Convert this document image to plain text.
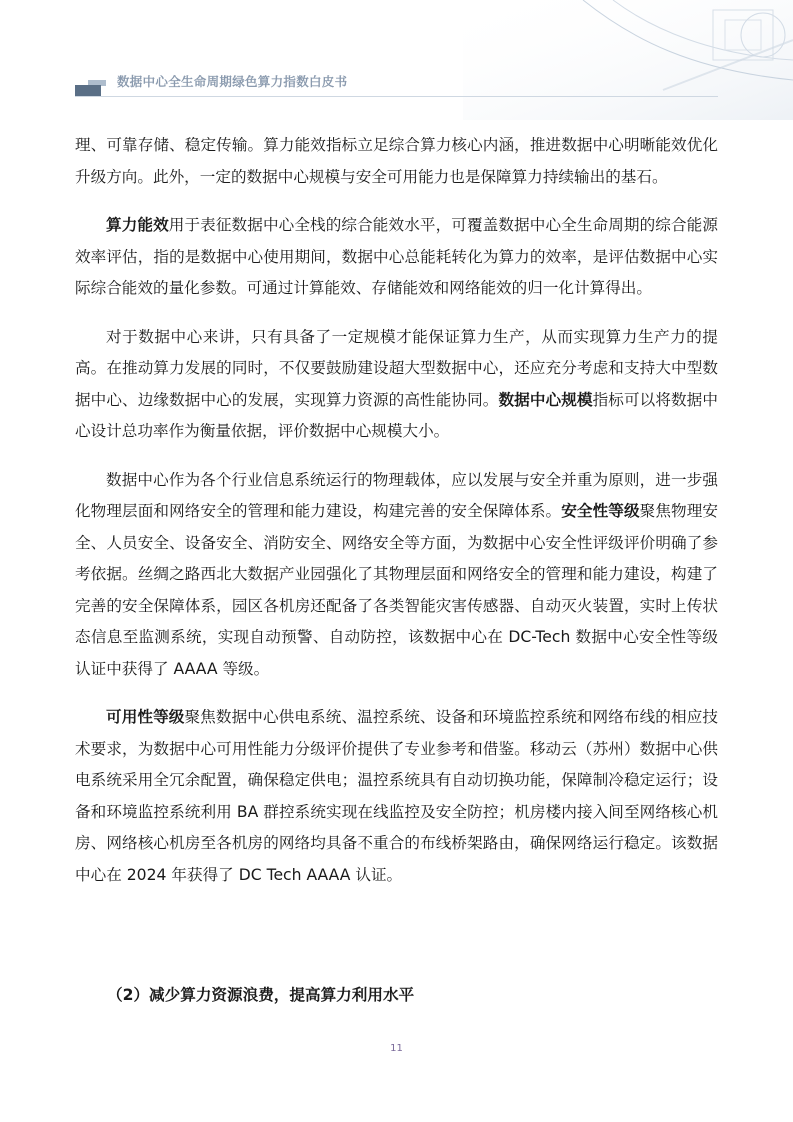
数据中心全生命周期绿色算力指数白皮书

理、可靠存储、稳定传输。算力能效指标立足综合算力核心内涵，推进数据中心明晰能效优化升级方向。此外，一定的数据中心规模与安全可用能力也是保障算力持续输出的基石。

算力能效用于表征数据中心全栈的综合能效水平，可覆盖数据中心全生命周期的综合能源效率评估，指的是数据中心使用期间，数据中心总能耗转化为算力的效率，是评估数据中心实际综合能效的量化参数。可通过计算能效、存储能效和网络能效的归一化计算得出。

对于数据中心来讲，只有具备了一定规模才能保证算力生产，从而实现算力生产力的提高。在推动算力发展的同时，不仅要鼓励建设超大型数据中心，还应充分考虑和支持大中型数据中心、边缘数据中心的发展，实现算力资源的高性能协同。数据中心规模指标可以将数据中心设计总功率作为衡量依据，评价数据中心规模大小。

数据中心作为各个行业信息系统运行的物理载体，应以发展与安全并重为原则，进一步强化物理层面和网络安全的管理和能力建设，构建完善的安全保障体系。安全性等级聚焦物理安全、人员安全、设备安全、消防安全、网络安全等方面，为数据中心安全性评级评价明确了参考依据。丝绸之路西北大数据产业园强化了其物理层面和网络安全的管理和能力建设，构建了完善的安全保障体系，园区各机房还配备了各类智能灾害传感器、自动灭火装置，实时上传状态信息至监测系统，实现自动预警、自动防控，该数据中心在 DC-Tech 数据中心安全性等级认证中获得了 AAAA 等级。

可用性等级聚焦数据中心供电系统、温控系统、设备和环境监控系统和网络布线的相应技术要求，为数据中心可用性能力分级评价提供了专业参考和借鉴。移动云（苏州）数据中心供电系统采用全冗余配置，确保稳定供电；温控系统具有自动切换功能，保障制冷稳定运行；设备和环境监控系统利用 BA 群控系统实现在线监控及安全防控；机房楼内接入间至网络核心机房、网络核心机房至各机房的网络均具备不重合的布线桥架路由，确保网络运行稳定。该数据中心在 2024 年获得了 DC Tech AAAA 认证。

（2）减少算力资源浪费，提高算力利用水平
11
